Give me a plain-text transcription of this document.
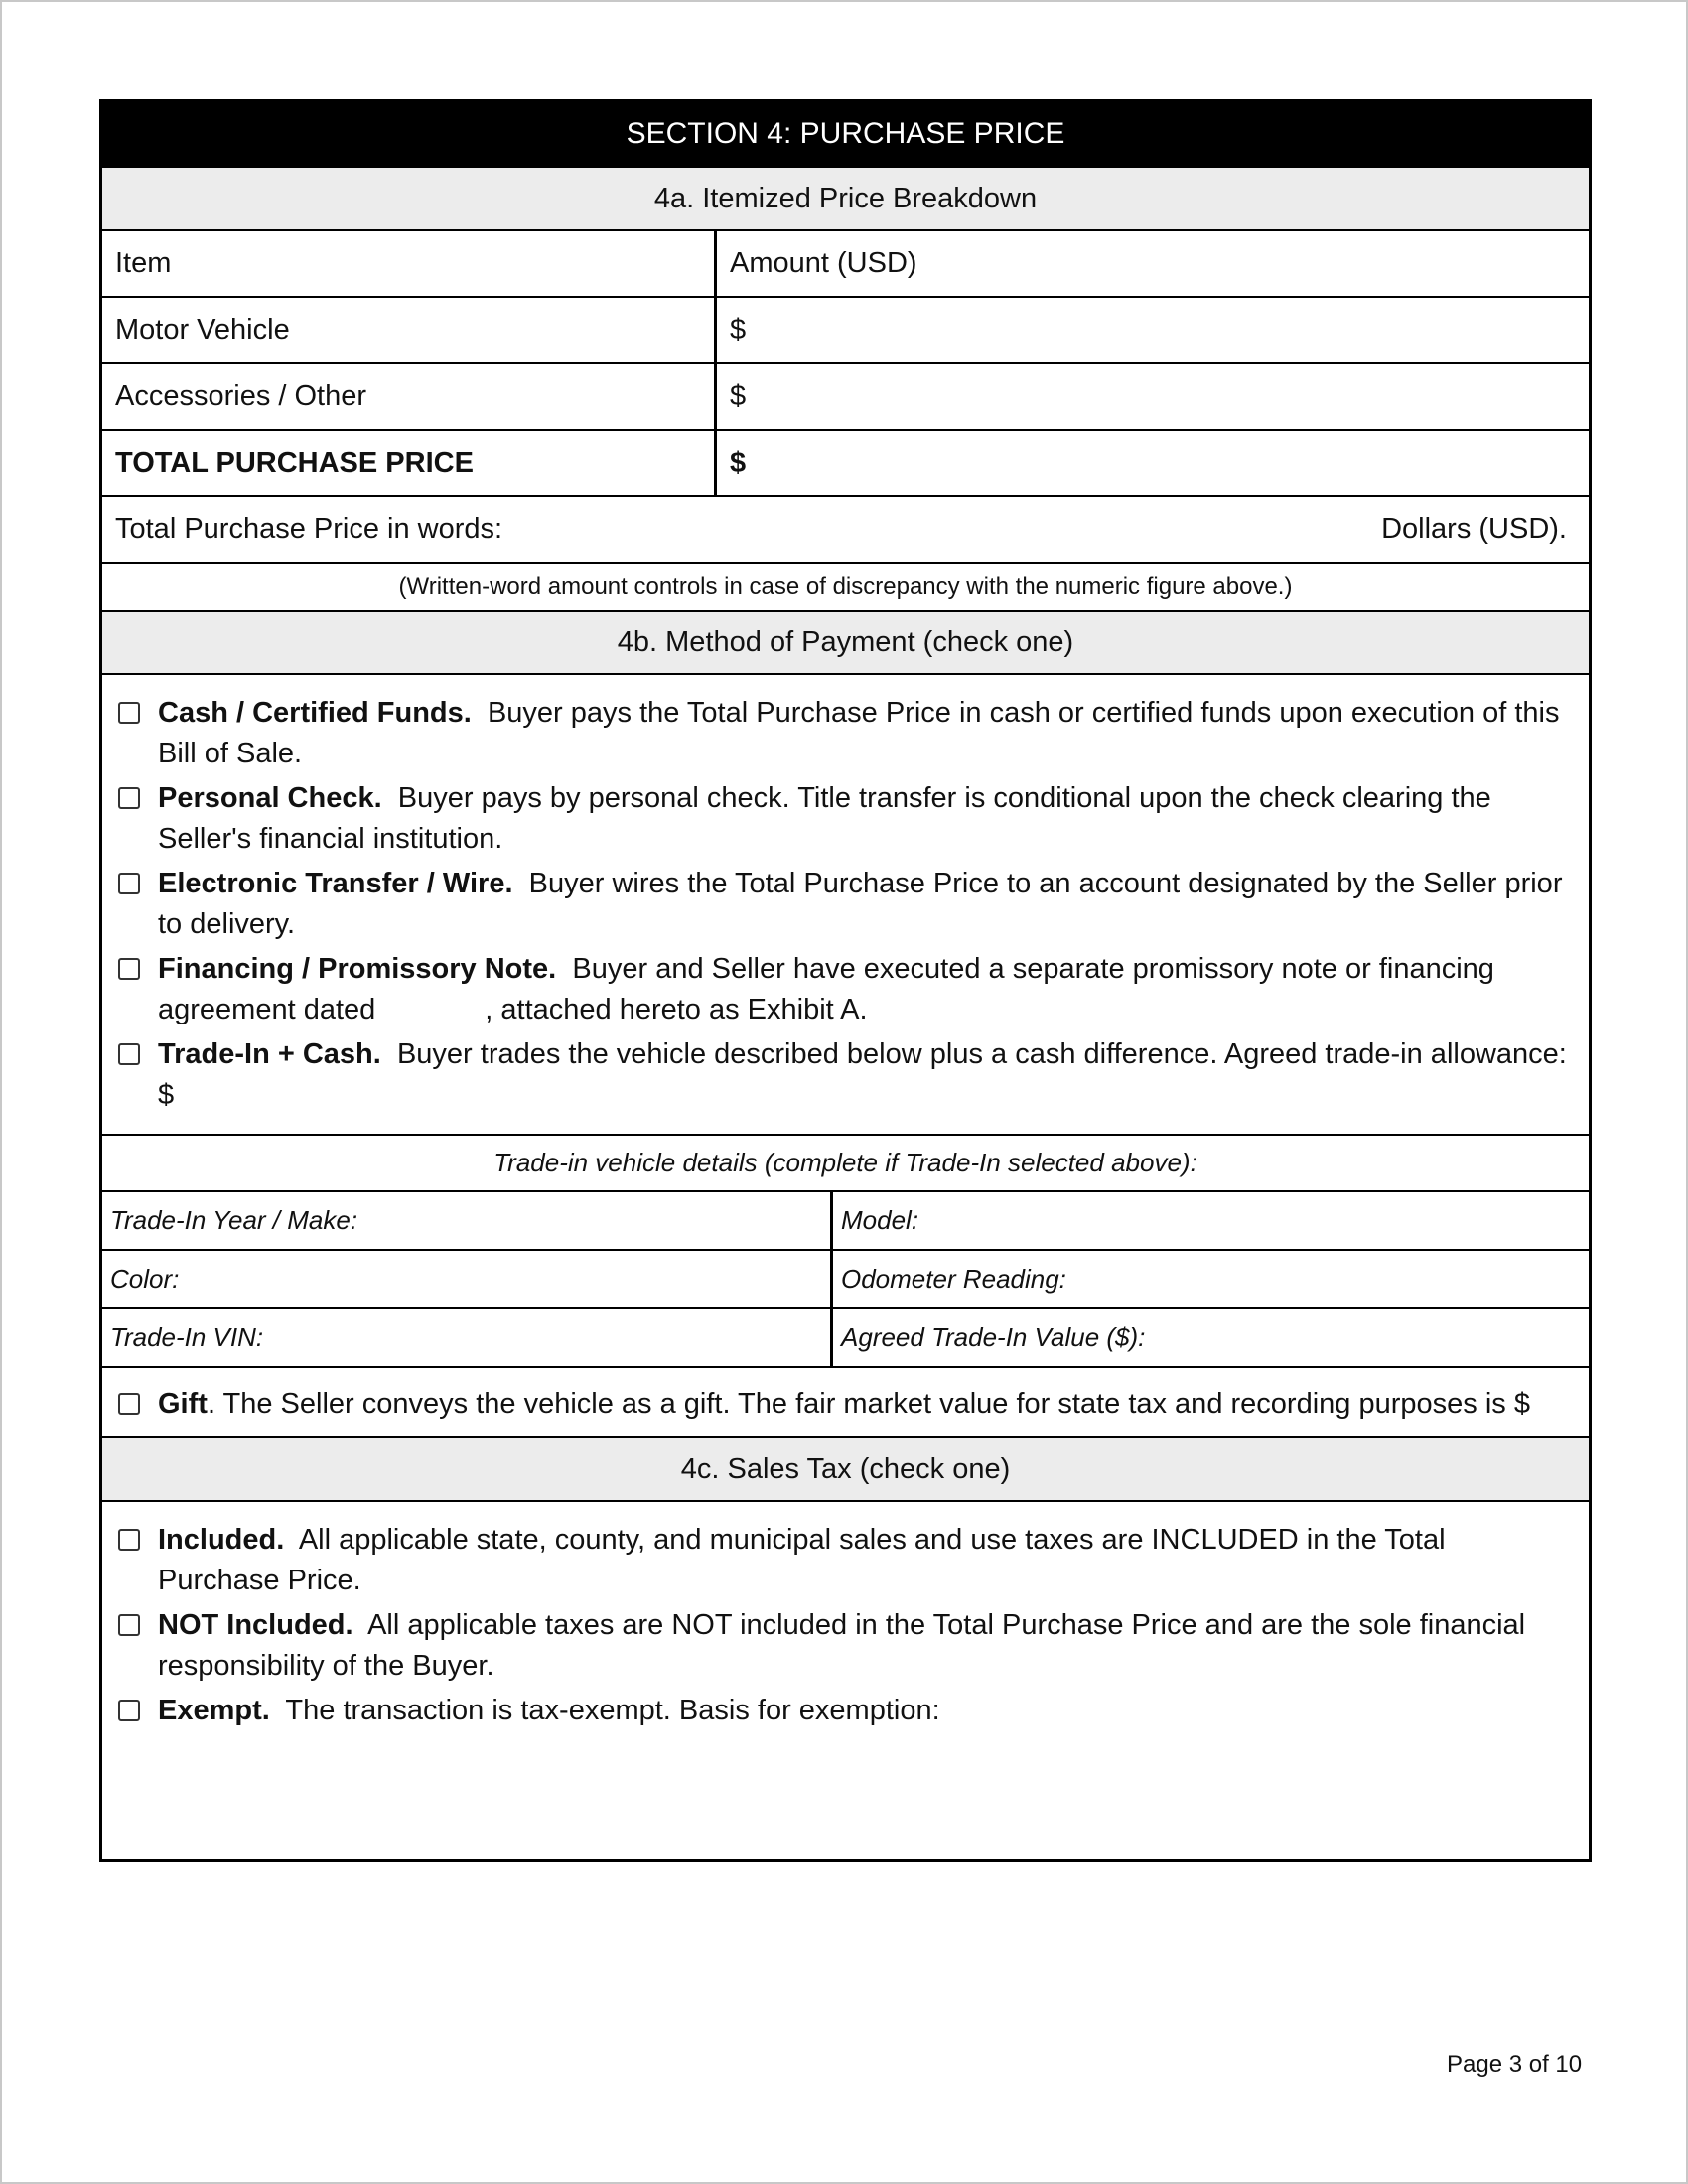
SECTION 4: PURCHASE PRICE
4a. Itemized Price Breakdown
Item	Amount (USD)
Motor Vehicle	$
Accessories / Other	$
TOTAL PURCHASE PRICE	$
Total Purchase Price in words:	Dollars (USD).
(Written-word amount controls in case of discrepancy with the numeric figure above.)
4b. Method of Payment (check one)
Cash / Certified Funds. Buyer pays the Total Purchase Price in cash or certified funds upon execution of this Bill of Sale.
Personal Check. Buyer pays by personal check. Title transfer is conditional upon the check clearing the Seller's financial institution.
Electronic Transfer / Wire. Buyer wires the Total Purchase Price to an account designated by the Seller prior to delivery.
Financing / Promissory Note. Buyer and Seller have executed a separate promissory note or financing agreement dated	, attached hereto as Exhibit A.
Trade-In + Cash. Buyer trades the vehicle described below plus a cash difference. Agreed trade-in allowance: $
Trade-in vehicle details (complete if Trade-In selected above):
Trade-In Year / Make:	Model:
Color:	Odometer Reading:
Trade-In VIN:	Agreed Trade-In Value ($):
Gift. The Seller conveys the vehicle as a gift. The fair market value for state tax and recording purposes is $
4c. Sales Tax (check one)
Included. All applicable state, county, and municipal sales and use taxes are INCLUDED in the Total Purchase Price.
NOT Included. All applicable taxes are NOT included in the Total Purchase Price and are the sole financial responsibility of the Buyer.
Exempt. The transaction is tax-exempt. Basis for exemption:
Page 3 of 10
